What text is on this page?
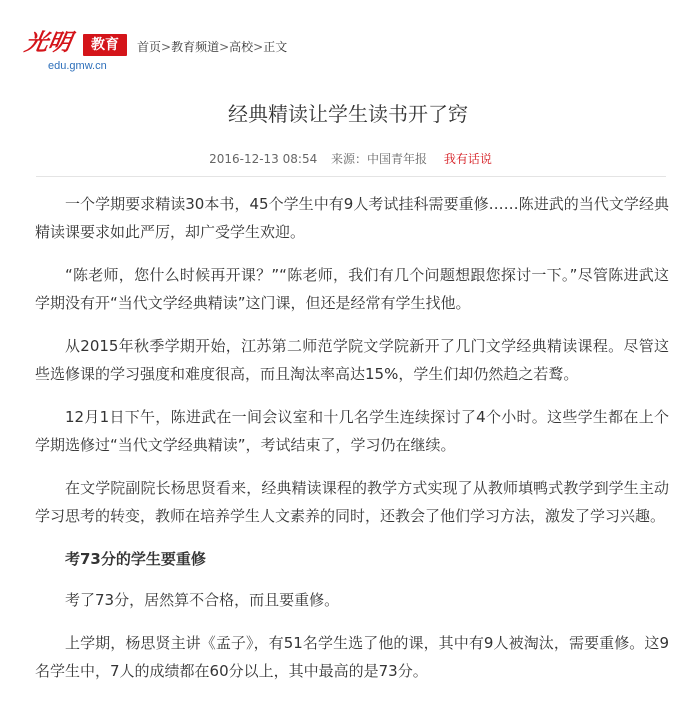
光明	教育
edu.gmw.cn
首页>教育频道>高校>正文
经典精读让学生读书开了窍
2016-12-13 08:54 来源：中国青年报 我有话说

一个学期要求精读30本书，45个学生中有9人考试挂科需要重修……陈进武的当代文学经典精读课要求如此严厉，却广受学生欢迎。

“陈老师，您什么时候再开课？”“陈老师，我们有几个问题想跟您探讨一下。”尽管陈进武这学期没有开“当代文学经典精读”这门课，但还是经常有学生找他。

从2015年秋季学期开始，江苏第二师范学院文学院新开了几门文学经典精读课程。尽管这些选修课的学习强度和难度很高，而且淘汰率高达15%，学生们却仍然趋之若鹜。

12月1日下午，陈进武在一间会议室和十几名学生连续探讨了4个小时。这些学生都在上个学期选修过“当代文学经典精读”，考试结束了，学习仍在继续。

在文学院副院长杨思贤看来，经典精读课程的教学方式实现了从教师填鸭式教学到学生主动学习思考的转变，教师在培养学生人文素养的同时，还教会了他们学习方法，激发了学习兴趣。

考73分的学生要重修

考了73分，居然算不合格，而且要重修。

上学期，杨思贤主讲《孟子》，有51名学生选了他的课，其中有9人被淘汰，需要重修。这9名学生中，7人的成绩都在60分以上，其中最高的是73分。
